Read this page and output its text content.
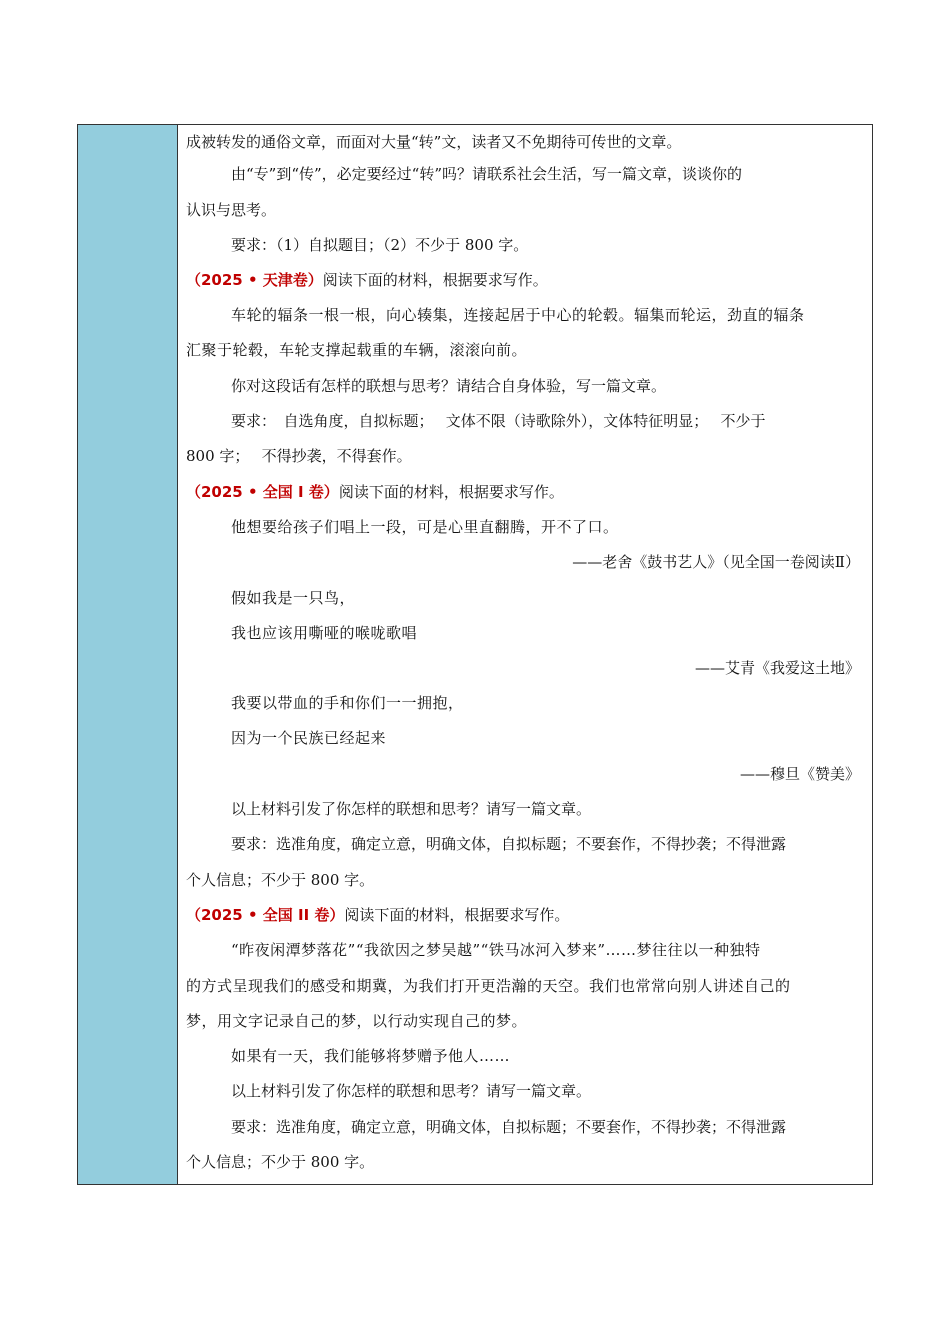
成被转发的通俗文章，而面对大量“转”文，读者又不免期待可传世的文章。
由“专”到“传”，必定要经过“转”吗？请联系社会生活，写一篇文章，谈谈你的
认识与思考。
要求：（1）自拟题目；（2）不少于 800 字。
（2025 • 天津卷）阅读下面的材料，根据要求写作。
车轮的辐条一根一根，向心辏集，连接起居于中心的轮毂。辐集而轮运，劲直的辐条
汇聚于轮毂，车轮支撑起载重的车辆，滚滚向前。
你对这段话有怎样的联想与思考？请结合自身体验，写一篇文章。
要求：　自选角度，自拟标题；　 文体不限（诗歌除外），文体特征明显；　 不少于
800 字；　 不得抄袭，不得套作。
（2025 • 全国 I 卷）阅读下面的材料，根据要求写作。
他想要给孩子们唱上一段，可是心里直翻腾，开不了口。
——老舍《鼓书艺人》（见全国一卷阅读Ⅱ）
假如我是一只鸟，
我也应该用嘶哑的喉咙歌唱
——艾青《我爱这土地》
我要以带血的手和你们一一拥抱，
因为一个民族已经起来
——穆旦《赞美》
以上材料引发了你怎样的联想和思考？请写一篇文章。
要求：选准角度，确定立意，明确文体，自拟标题；不要套作，不得抄袭；不得泄露
个人信息；不少于 800 字。
（2025 • 全国 II 卷）阅读下面的材料，根据要求写作。
“昨夜闲潭梦落花”“我欲因之梦吴越”“铁马冰河入梦来”……梦往往以一种独特
的方式呈现我们的感受和期冀，为我们打开更浩瀚的天空。我们也常常向别人讲述自己的
梦，用文字记录自己的梦，以行动实现自己的梦。
如果有一天，我们能够将梦赠予他人……
以上材料引发了你怎样的联想和思考？请写一篇文章。
要求：选准角度，确定立意，明确文体，自拟标题；不要套作，不得抄袭；不得泄露
个人信息；不少于 800 字。
